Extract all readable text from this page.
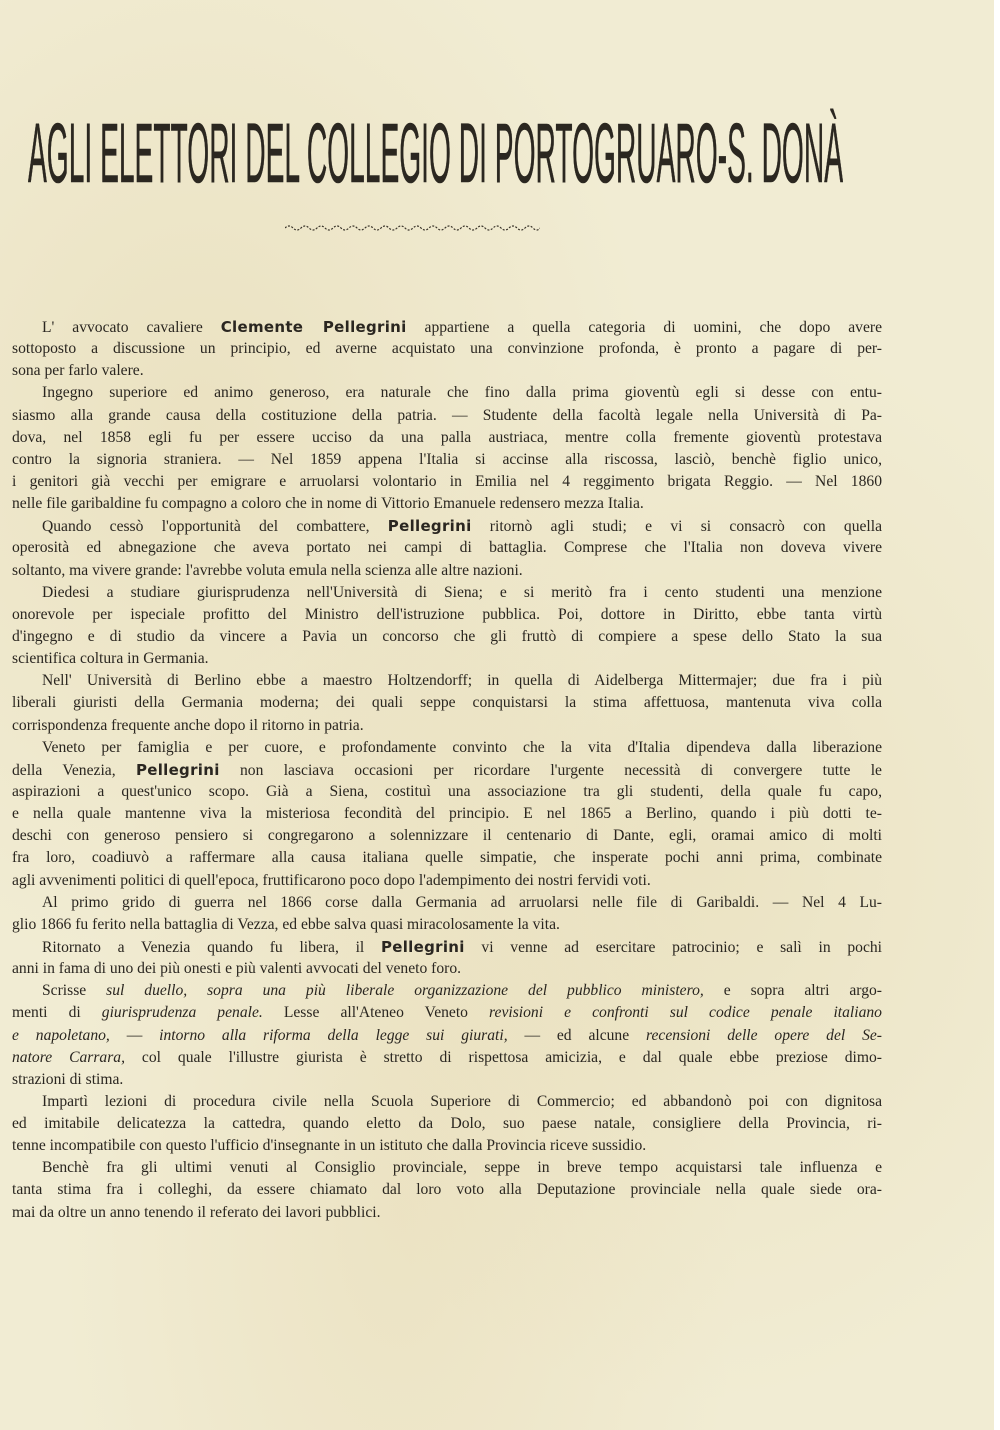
AGLI ELETTORI DEL COLLEGIO DI PORTOGRUARO-S. DONÀ
L' avvocato cavaliere Clemente Pellegrini appartiene a quella categoria di uomini, che dopo avere
sottoposto a discussione un principio, ed averne acquistato una convinzione profonda, è pronto a pagare di per-
sona per farlo valere.
Ingegno superiore ed animo generoso, era naturale che fino dalla prima gioventù egli si desse con entu-
siasmo alla grande causa della costituzione della patria. — Studente della facoltà legale nella Università di Pa-
dova, nel 1858 egli fu per essere ucciso da una palla austriaca, mentre colla fremente gioventù protestava
contro la signoria straniera. — Nel 1859 appena l'Italia si accinse alla riscossa, lasciò, benchè figlio unico,
i genitori già vecchi per emigrare e arruolarsi volontario in Emilia nel 4 reggimento brigata Reggio. — Nel 1860
nelle file garibaldine fu compagno a coloro che in nome di Vittorio Emanuele redensero mezza Italia.
Quando cessò l'opportunità del combattere, Pellegrini ritornò agli studi; e vi si consacrò con quella
operosità ed abnegazione che aveva portato nei campi di battaglia. Comprese che l'Italia non doveva vivere
soltanto, ma vivere grande: l'avrebbe voluta emula nella scienza alle altre nazioni.
Diedesi a studiare giurisprudenza nell'Università di Siena; e si meritò fra i cento studenti una menzione
onorevole per ispeciale profitto del Ministro dell'istruzione pubblica. Poi, dottore in Diritto, ebbe tanta virtù
d'ingegno e di studio da vincere a Pavia un concorso che gli fruttò di compiere a spese dello Stato la sua
scientifica coltura in Germania.
Nell' Università di Berlino ebbe a maestro Holtzendorff; in quella di Aidelberga Mittermajer; due fra i più
liberali giuristi della Germania moderna; dei quali seppe conquistarsi la stima affettuosa, mantenuta viva colla
corrispondenza frequente anche dopo il ritorno in patria.
Veneto per famiglia e per cuore, e profondamente convinto che la vita d'Italia dipendeva dalla liberazione
della Venezia, Pellegrini non lasciava occasioni per ricordare l'urgente necessità di convergere tutte le
aspirazioni a quest'unico scopo. Già a Siena, costituì una associazione tra gli studenti, della quale fu capo,
e nella quale mantenne viva la misteriosa fecondità del principio. E nel 1865 a Berlino, quando i più dotti te-
deschi con generoso pensiero si congregarono a solennizzare il centenario di Dante, egli, oramai amico di molti
fra loro, coadiuvò a raffermare alla causa italiana quelle simpatie, che insperate pochi anni prima, combinate
agli avvenimenti politici di quell'epoca, fruttificarono poco dopo l'adempimento dei nostri fervidi voti.
Al primo grido di guerra nel 1866 corse dalla Germania ad arruolarsi nelle file di Garibaldi. — Nel 4 Lu-
glio 1866 fu ferito nella battaglia di Vezza, ed ebbe salva quasi miracolosamente la vita.
Ritornato a Venezia quando fu libera, il Pellegrini vi venne ad esercitare patrocinio; e salì in pochi
anni in fama di uno dei più onesti e più valenti avvocati del veneto foro.
Scrisse sul duello, sopra una più liberale organizzazione del pubblico ministero, e sopra altri argo-
menti di giurisprudenza penale. Lesse all'Ateneo Veneto revisioni e confronti sul codice penale italiano
e napoletano, — intorno alla riforma della legge sui giurati, — ed alcune recensioni delle opere del Se-
natore Carrara, col quale l'illustre giurista è stretto di rispettosa amicizia, e dal quale ebbe preziose dimo-
strazioni di stima.
Impartì lezioni di procedura civile nella Scuola Superiore di Commercio; ed abbandonò poi con dignitosa
ed imitabile delicatezza la cattedra, quando eletto da Dolo, suo paese natale, consigliere della Provincia, ri-
tenne incompatibile con questo l'ufficio d'insegnante in un istituto che dalla Provincia riceve sussidio.
Benchè fra gli ultimi venuti al Consiglio provinciale, seppe in breve tempo acquistarsi tale influenza e
tanta stima fra i colleghi, da essere chiamato dal loro voto alla Deputazione provinciale nella quale siede ora-
mai da oltre un anno tenendo il referato dei lavori pubblici.
